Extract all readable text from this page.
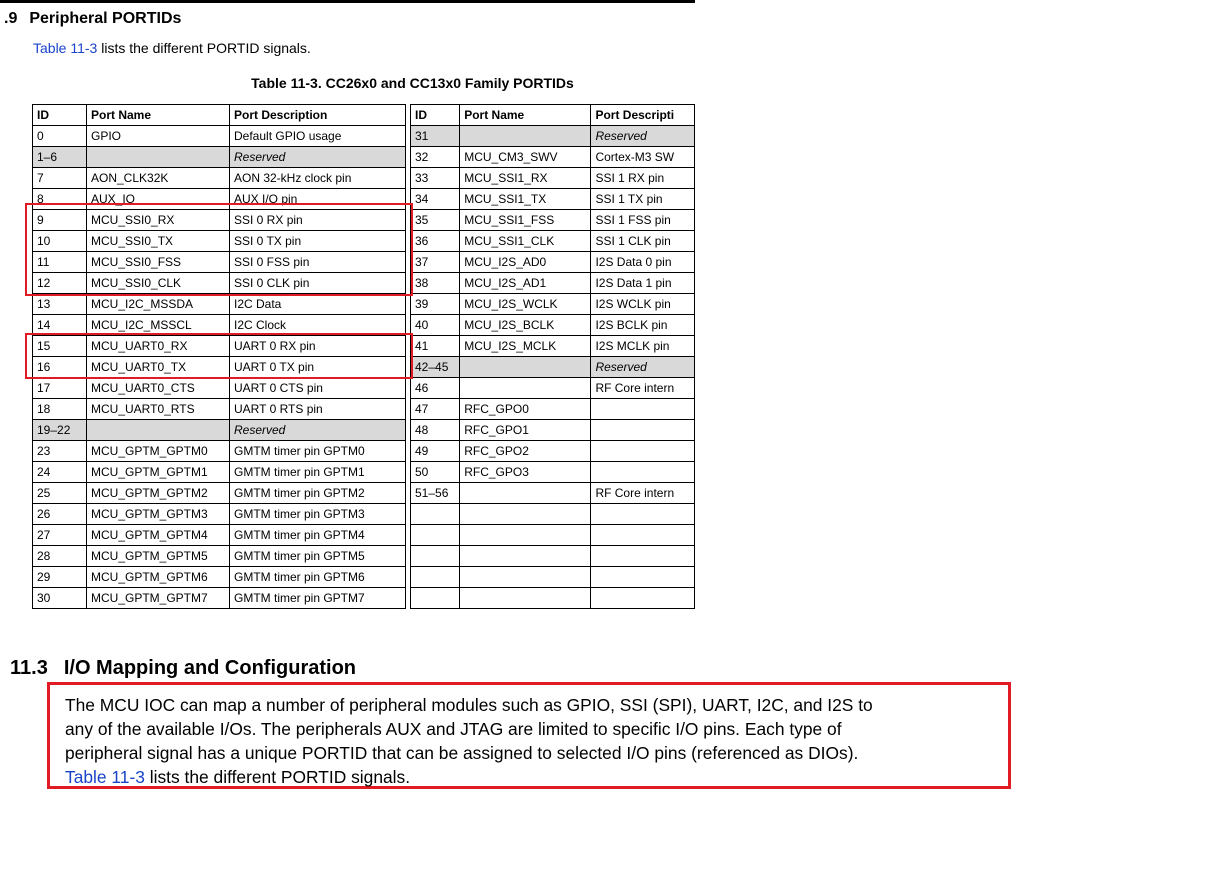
.9 Peripheral PORTIDs
Table 11-3 lists the different PORTID signals.
Table 11-3. CC26x0 and CC13x0 Family PORTIDs
ID	Port Name	Port Description
0	GPIO	Default GPIO usage
1–6		Reserved
7	AON_CLK32K	AON 32-kHz clock pin
8	AUX_IO	AUX I/O pin
9	MCU_SSI0_RX	SSI 0 RX pin
10	MCU_SSI0_TX	SSI 0 TX pin
11	MCU_SSI0_FSS	SSI 0 FSS pin
12	MCU_SSI0_CLK	SSI 0 CLK pin
13	MCU_I2C_MSSDA	I2C Data
14	MCU_I2C_MSSCL	I2C Clock
15	MCU_UART0_RX	UART 0 RX pin
16	MCU_UART0_TX	UART 0 TX pin
17	MCU_UART0_CTS	UART 0 CTS pin
18	MCU_UART0_RTS	UART 0 RTS pin
19–22		Reserved
23	MCU_GPTM_GPTM0	GMTM timer pin GPTM0
24	MCU_GPTM_GPTM1	GMTM timer pin GPTM1
25	MCU_GPTM_GPTM2	GMTM timer pin GPTM2
26	MCU_GPTM_GPTM3	GMTM timer pin GPTM3
27	MCU_GPTM_GPTM4	GMTM timer pin GPTM4
28	MCU_GPTM_GPTM5	GMTM timer pin GPTM5
29	MCU_GPTM_GPTM6	GMTM timer pin GPTM6
30	MCU_GPTM_GPTM7	GMTM timer pin GPTM7
ID	Port Name	Port Descripti
31		Reserved
32	MCU_CM3_SWV	Cortex-M3 SW
33	MCU_SSI1_RX	SSI 1 RX pin
34	MCU_SSI1_TX	SSI 1 TX pin
35	MCU_SSI1_FSS	SSI 1 FSS pin
36	MCU_SSI1_CLK	SSI 1 CLK pin
37	MCU_I2S_AD0	I2S Data 0 pin
38	MCU_I2S_AD1	I2S Data 1 pin
39	MCU_I2S_WCLK	I2S WCLK pin
40	MCU_I2S_BCLK	I2S BCLK pin
41	MCU_I2S_MCLK	I2S MCLK pin
42–45		Reserved
46		RF Core intern
47	RFC_GPO0	
48	RFC_GPO1	
49	RFC_GPO2	
50	RFC_GPO3	
51–56		RF Core intern

11.3 I/O Mapping and Configuration
The MCU IOC can map a number of peripheral modules such as GPIO, SSI (SPI), UART, I2C, and I2S to
any of the available I/Os. The peripherals AUX and JTAG are limited to specific I/O pins. Each type of
peripheral signal has a unique PORTID that can be assigned to selected I/O pins (referenced as DIOs).
Table 11-3 lists the different PORTID signals.
